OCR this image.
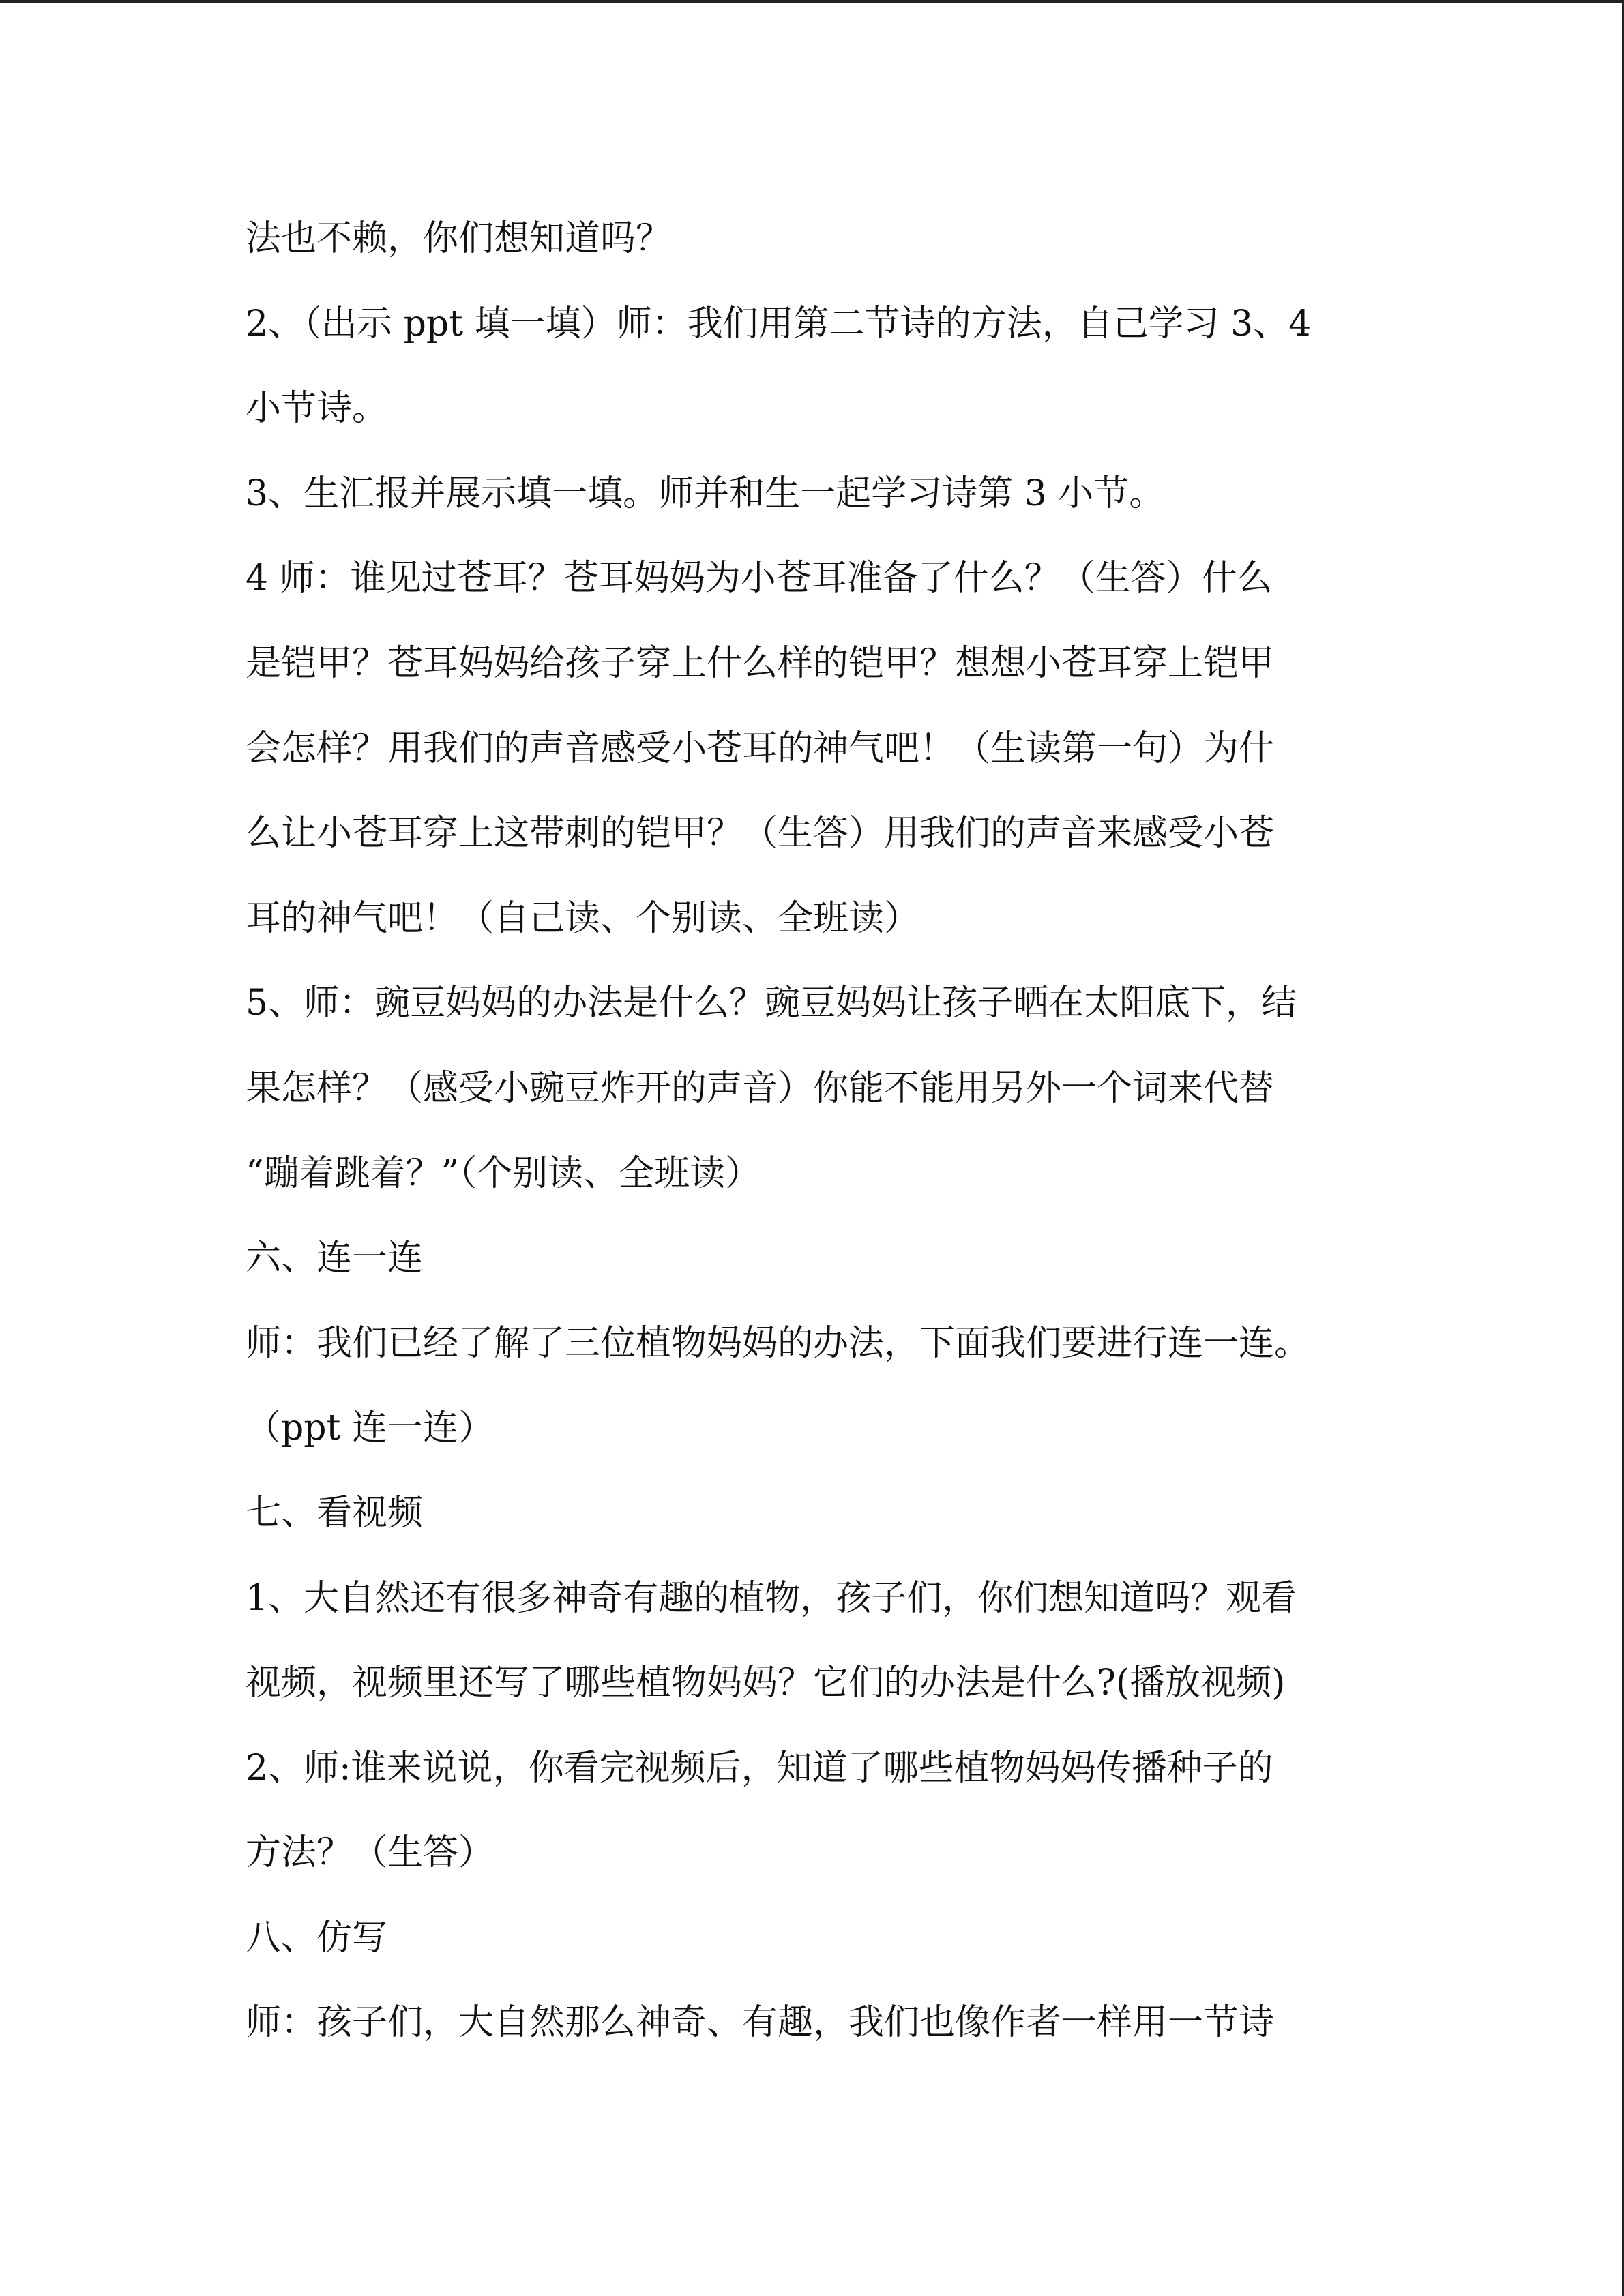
法也不赖，你们想知道吗？
2、（出示 ppt 填一填）师：我们用第二节诗的方法，自己学习 3、4
小节诗。
3、生汇报并展示填一填。师并和生一起学习诗第 3 小节。
4 师：谁见过苍耳？苍耳妈妈为小苍耳准备了什么？（生答）什么
是铠甲？苍耳妈妈给孩子穿上什么样的铠甲？想想小苍耳穿上铠甲
会怎样？用我们的声音感受小苍耳的神气吧！（生读第一句）为什
么让小苍耳穿上这带刺的铠甲？（生答）用我们的声音来感受小苍
耳的神气吧！（自己读、个别读、全班读）
5、师：豌豆妈妈的办法是什么？豌豆妈妈让孩子晒在太阳底下，结
果怎样？（感受小豌豆炸开的声音）你能不能用另外一个词来代替
“蹦着跳着？”（个别读、全班读）
六、连一连
师：我们已经了解了三位植物妈妈的办法，下面我们要进行连一连。
（ppt 连一连）
七、看视频
1、大自然还有很多神奇有趣的植物，孩子们，你们想知道吗？观看
视频，视频里还写了哪些植物妈妈？它们的办法是什么?(播放视频)
2、师:谁来说说，你看完视频后，知道了哪些植物妈妈传播种子的
方法？（生答）
八、仿写
师：孩子们，大自然那么神奇、有趣，我们也像作者一样用一节诗
